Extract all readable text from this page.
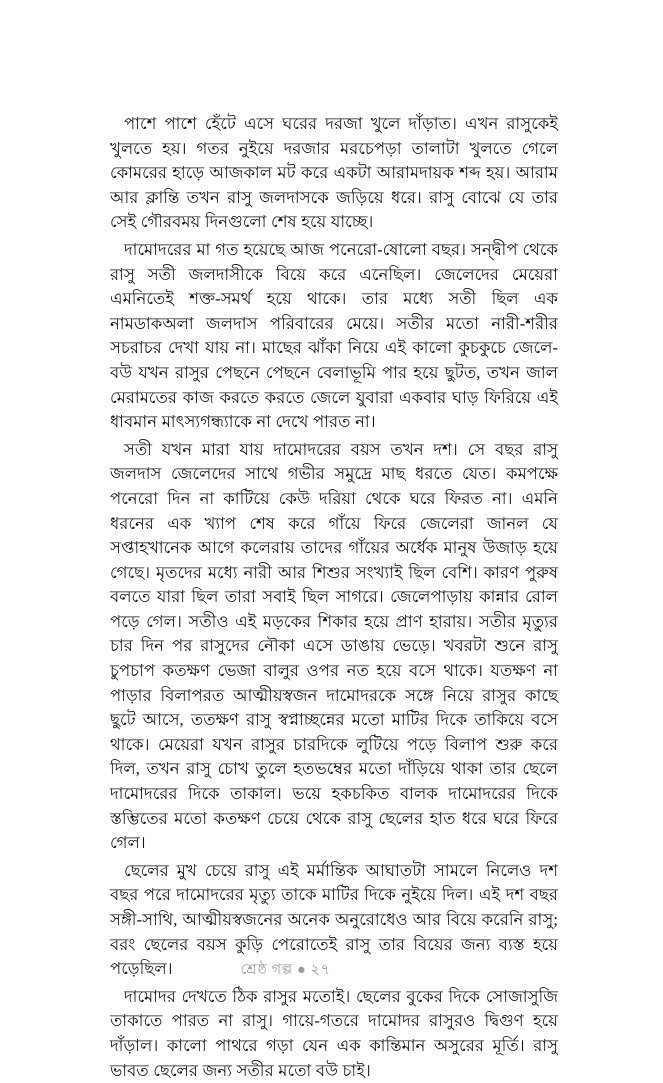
পাশে পাশে হেঁটে এসে ঘরের দরজা খুলে দাঁড়াত। এখন রাসুকেই খুলতে হয়। গতর নুইয়ে দরজার মরচেপড়া তালাটা খুলতে গেলে কোমরের হাড়ে আজকাল মট করে একটা আরামদায়ক শব্দ হয়। আরাম আর ক্লান্তি তখন রাসু জলদাসকে জড়িয়ে ধরে। রাসু বোঝে যে তার সেই গৌরবময় দিনগুলো শেষ হয়ে যাচ্ছে।

দামোদরের মা গত হয়েছে আজ পনেরো-ষোলো বছর। সন্দ্বীপ থেকে রাসু সতী জলদাসীকে বিয়ে করে এনেছিল। জেলেদের মেয়েরা এমনিতেই শক্ত-সমর্থ হয়ে থাকে। তার মধ্যে সতী ছিল এক নামডাকঅলা জলদাস পরিবারের মেয়ে। সতীর মতো নারী-শরীর সচরাচর দেখা যায় না। মাছের ঝাঁকা নিয়ে এই কালো কুচকুচে জেলে-বউ যখন রাসুর পেছনে পেছনে বেলাভূমি পার হয়ে ছুটত, তখন জাল মেরামতের কাজ করতে করতে জেলে যুবারা একবার ঘাড় ফিরিয়ে এই ধাবমান মাৎস্যগন্ধ্যাকে না দেখে পারত না।

সতী যখন মারা যায় দামোদরের বয়স তখন দশ। সে বছর রাসু জলদাস জেলেদের সাথে গভীর সমুদ্রে মাছ ধরতে যেত। কমপক্ষে পনেরো দিন না কাটিয়ে কেউ দরিয়া থেকে ঘরে ফিরত না। এমনি ধরনের এক খ্যাপ শেষ করে গাঁয়ে ফিরে জেলেরা জানল যে সপ্তাহখানেক আগে কলেরায় তাদের গাঁয়ের অর্ধেক মানুষ উজাড় হয়ে গেছে। মৃতদের মধ্যে নারী আর শিশুর সংখ্যাই ছিল বেশি। কারণ পুরুষ বলতে যারা ছিল তারা সবাই ছিল সাগরে। জেলেপাড়ায় কান্নার রোল পড়ে গেল। সতীও এই মড়কের শিকার হয়ে প্রাণ হারায়। সতীর মৃত্যুর চার দিন পর রাসুদের নৌকা এসে ডাঙায় ভেড়ে। খবরটা শুনে রাসু চুপচাপ কতক্ষণ ভেজা বালুর ওপর নত হয়ে বসে থাকে। যতক্ষণ না পাড়ার বিলাপরত আত্মীয়স্বজন দামোদরকে সঙ্গে নিয়ে রাসুর কাছে ছুটে আসে, ততক্ষণ রাসু স্বপ্নাচ্ছন্নের মতো মাটির দিকে তাকিয়ে বসে থাকে। মেয়েরা যখন রাসুর চারদিকে লুটিয়ে পড়ে বিলাপ শুরু করে দিল, তখন রাসু চোখ তুলে হতভম্বের মতো দাঁড়িয়ে থাকা তার ছেলে দামোদরের দিকে তাকাল। ভয়ে হকচকিত বালক দামোদরের দিকে স্তম্ভিতের মতো কতক্ষণ চেয়ে থেকে রাসু ছেলের হাত ধরে ঘরে ফিরে গেল।

ছেলের মুখ চেয়ে রাসু এই মর্মান্তিক আঘাতটা সামলে নিলেও দশ বছর পরে দামোদরের মৃত্যু তাকে মাটির দিকে নুইয়ে দিল। এই দশ বছর সঙ্গী-সাথি, আত্মীয়স্বজনের অনেক অনুরোধেও আর বিয়ে করেনি রাসু; বরং ছেলের বয়স কুড়ি পেরোতেই রাসু তার বিয়ের জন্য ব্যস্ত হয়ে পড়েছিল।

দামোদর দেখতে ঠিক রাসুর মতোই। ছেলের বুকের দিকে সোজাসুজি তাকাতে পারত না রাসু। গায়ে-গতরে দামোদর রাসুরও দ্বিগুণ হয়ে দাঁড়াল। কালো পাথরে গড়া যেন এক কান্তিমান অসুরের মূর্তি। রাসু ভাবত ছেলের জন্য সতীর মতো বউ চাই।

শ্রেষ্ঠ গল্প ● ২৭
